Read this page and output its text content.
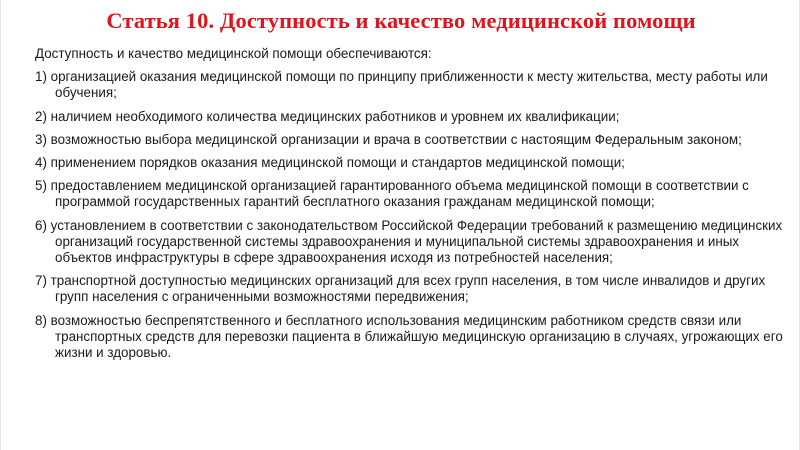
Статья 10. Доступность и качество медицинской помощи

Доступность и качество медицинской помощи обеспечиваются:

1) организацией оказания медицинской помощи по принципу приближенности к месту жительства, месту работы или обучения;

2) наличием необходимого количества медицинских работников и уровнем их квалификации;

3) возможностью выбора медицинской организации и врача в соответствии с настоящим Федеральным законом;

4) применением порядков оказания медицинской помощи и стандартов медицинской помощи;

5) предоставлением медицинской организацией гарантированного объема медицинской помощи в соответствии с программой государственных гарантий бесплатного оказания гражданам медицинской помощи;

6) установлением в соответствии с законодательством Российской Федерации требований к размещению медицинских организаций государственной системы здравоохранения и муниципальной системы здравоохранения и иных объектов инфраструктуры в сфере здравоохранения исходя из потребностей населения;

7) транспортной доступностью медицинских организаций для всех групп населения, в том числе инвалидов и других групп населения с ограниченными возможностями передвижения;

8) возможностью беспрепятственного и бесплатного использования медицинским работником средств связи или транспортных средств для перевозки пациента в ближайшую медицинскую организацию в случаях, угрожающих его жизни и здоровью.
